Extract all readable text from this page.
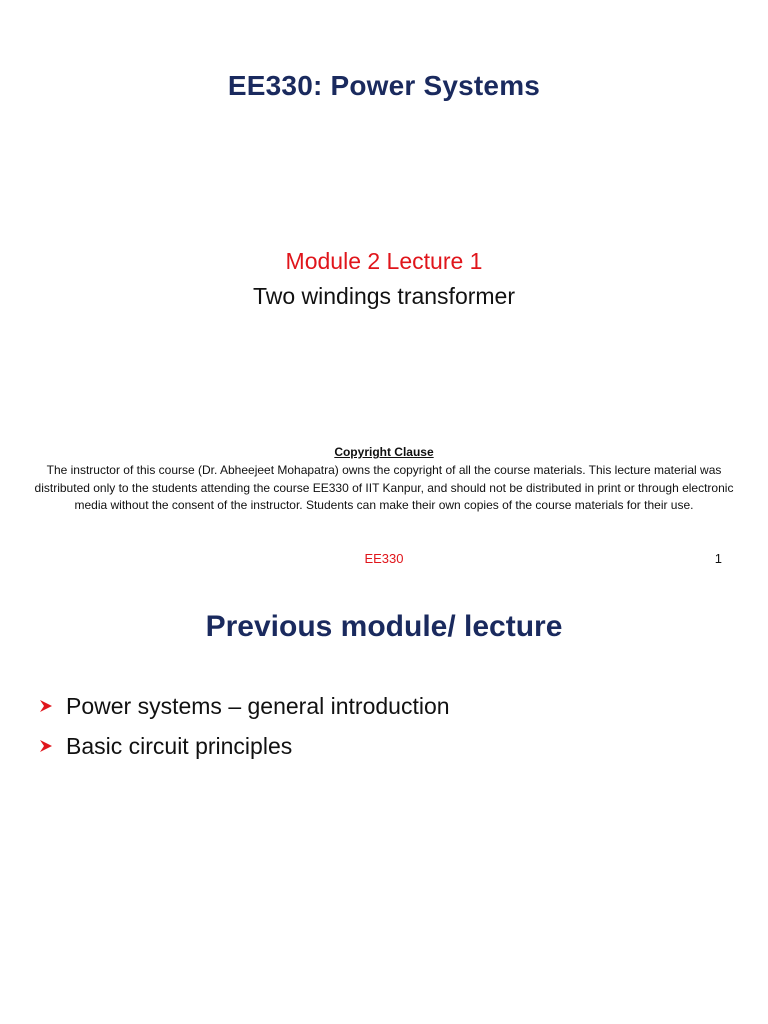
EE330: Power Systems
Module 2 Lecture 1
Two windings transformer
Copyright Clause
The instructor of this course (Dr. Abheejeet Mohapatra) owns the copyright of all the course materials. This lecture material was distributed only to the students attending the course EE330 of IIT Kanpur, and should not be distributed in print or through electronic media without the consent of the instructor. Students can make their own copies of the course materials for their use.
EE330	1
Previous module/ lecture
Power systems – general introduction
Basic circuit principles
